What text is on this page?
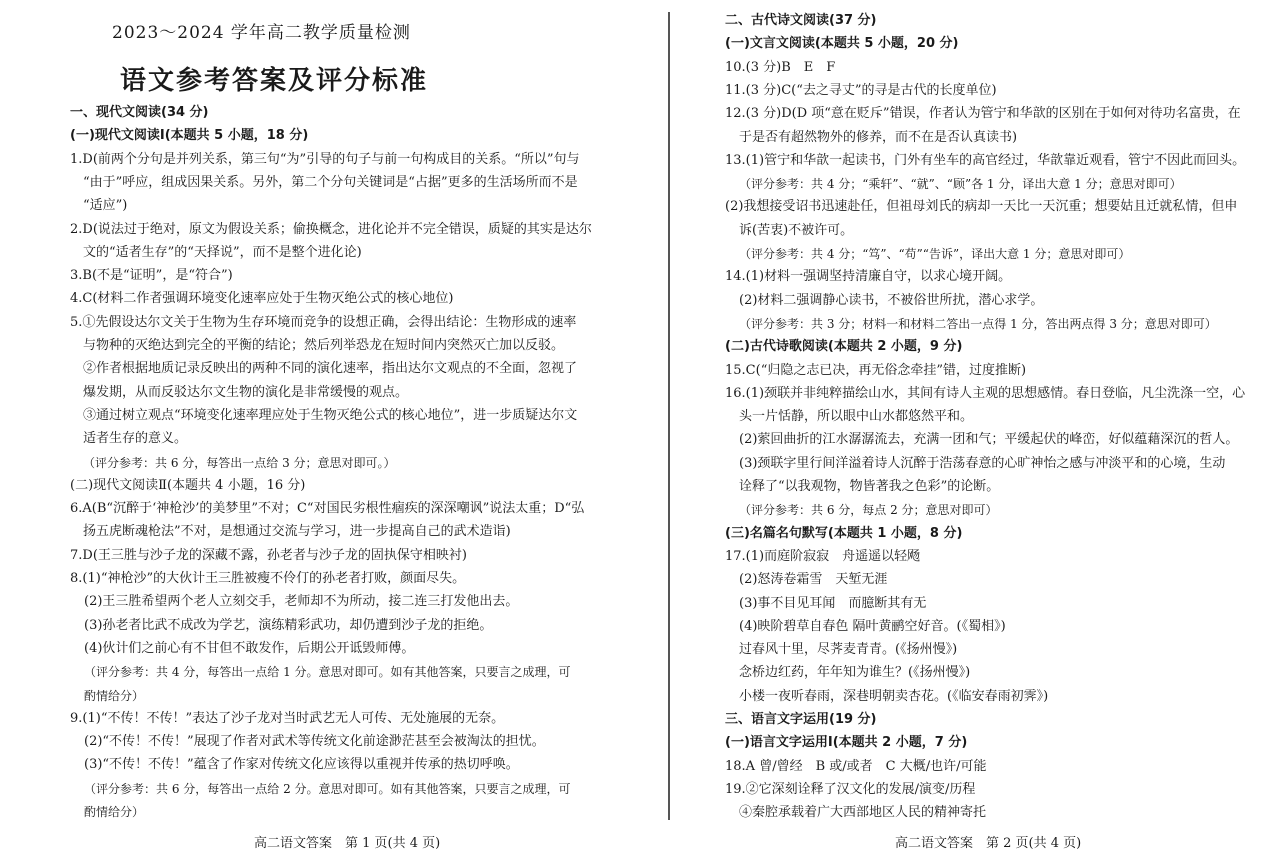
2023～2024 学年高二教学质量检测
语文参考答案及评分标准
一、现代文阅读(34 分)
(一)现代文阅读Ⅰ(本题共 5 小题，18 分)
1.D(前两个分句是并列关系，第三句“为”引导的句子与前一句构成目的关系。“所以”句与
“由于”呼应，组成因果关系。另外，第二个分句关键词是“占据”更多的生活场所而不是
“适应”)
2.D(说法过于绝对，原文为假设关系；偷换概念，进化论并不完全错误，质疑的其实是达尔
文的“适者生存”的“天择说”，而不是整个进化论)
3.B(不是“证明”，是“符合”)
4.C(材料二作者强调环境变化速率应处于生物灭绝公式的核心地位)
5.①先假设达尔文关于生物为生存环境而竞争的设想正确，会得出结论：生物形成的速率
与物种的灭绝达到完全的平衡的结论；然后列举恐龙在短时间内突然灭亡加以反驳。
②作者根据地质记录反映出的两种不同的演化速率，指出达尔文观点的不全面，忽视了
爆发期，从而反驳达尔文生物的演化是非常缓慢的观点。
③通过树立观点“环境变化速率理应处于生物灭绝公式的核心地位”，进一步质疑达尔文
适者生存的意义。
（评分参考：共 6 分，每答出一点给 3 分；意思对即可。）
(二)现代文阅读Ⅱ(本题共 4 小题，16 分)
6.A(B“沉醉于‘神枪沙’的美梦里”不对；C“对国民劣根性痼疾的深深嘲讽”说法太重；D“弘
扬五虎断魂枪法”不对，是想通过交流与学习，进一步提高自己的武术造诣)
7.D(王三胜与沙子龙的深藏不露，孙老者与沙子龙的固执保守相映衬)
8.(1)“神枪沙”的大伙计王三胜被瘦不伶仃的孙老者打败，颜面尽失。
(2)王三胜希望两个老人立刻交手，老师却不为所动，接二连三打发他出去。
(3)孙老者比武不成改为学艺，演练精彩武功，却仍遭到沙子龙的拒绝。
(4)伙计们之前心有不甘但不敢发作，后期公开诋毁师傅。
（评分参考：共 4 分，每答出一点给 1 分。意思对即可。如有其他答案，只要言之成理，可
酌情给分）
9.(1)“不传！不传！”表达了沙子龙对当时武艺无人可传、无处施展的无奈。
(2)“不传！不传！”展现了作者对武术等传统文化前途渺茫甚至会被淘汰的担忧。
(3)“不传！不传！”蕴含了作家对传统文化应该得以重视并传承的热切呼唤。
（评分参考：共 6 分，每答出一点给 2 分。意思对即可。如有其他答案，只要言之成理，可
酌情给分）
二、古代诗文阅读(37 分)
(一)文言文阅读(本题共 5 小题，20 分)
10.(3 分)B　E　F
11.(3 分)C(“去之寻丈”的寻是古代的长度单位)
12.(3 分)D(D 项“意在贬斥”错误，作者认为管宁和华歆的区别在于如何对待功名富贵，在
于是否有超然物外的修养，而不在是否认真读书)
13.(1)管宁和华歆一起读书，门外有坐车的高官经过，华歆靠近观看，管宁不因此而回头。
（评分参考：共 4 分；“乘轩”、“就”、“顾”各 1 分，译出大意 1 分；意思对即可）
(2)我想接受诏书迅速赴任，但祖母刘氏的病却一天比一天沉重；想要姑且迁就私情，但申
诉(苦衷)不被许可。
（评分参考：共 4 分；“笃”、“苟”“告诉”，译出大意 1 分；意思对即可）
14.(1)材料一强调坚持清廉自守，以求心境开阔。
(2)材料二强调静心读书，不被俗世所扰，潜心求学。
（评分参考：共 3 分；材料一和材料二答出一点得 1 分，答出两点得 3 分；意思对即可）
(二)古代诗歌阅读(本题共 2 小题，9 分)
15.C(“归隐之志已决，再无俗念牵挂”错，过度推断)
16.(1)颈联并非纯粹描绘山水，其间有诗人主观的思想感情。春日登临，凡尘洗涤一空，心
头一片恬静，所以眼中山水都悠然平和。
(2)萦回曲折的江水潺潺流去，充满一团和气；平缓起伏的峰峦，好似蕴藉深沉的哲人。
(3)颈联字里行间洋溢着诗人沉醉于浩荡春意的心旷神怡之感与冲淡平和的心境，生动
诠释了“以我观物，物皆著我之色彩”的论断。
（评分参考：共 6 分，每点 2 分；意思对即可）
(三)名篇名句默写(本题共 1 小题，8 分)
17.(1)而庭阶寂寂　舟遥遥以轻飏
(2)怒涛卷霜雪　天堑无涯
(3)事不目见耳闻　而臆断其有无
(4)映阶碧草自春色 隔叶黄鹂空好音。(《蜀相》)
过春风十里，尽荠麦青青。(《扬州慢》)
念桥边红药，年年知为谁生？(《扬州慢》)
小楼一夜听春雨，深巷明朝卖杏花。(《临安春雨初霁》)
三、语言文字运用(19 分)
(一)语言文字运用Ⅰ(本题共 2 小题，7 分)
18.A 曾/曾经　B 或/或者　C 大概/也许/可能
19.②它深刻诠释了汉文化的发展/演变/历程
④秦腔承载着广大西部地区人民的精神寄托
高二语文答案　第 1 页(共 4 页)	高二语文答案　第 2 页(共 4 页)
